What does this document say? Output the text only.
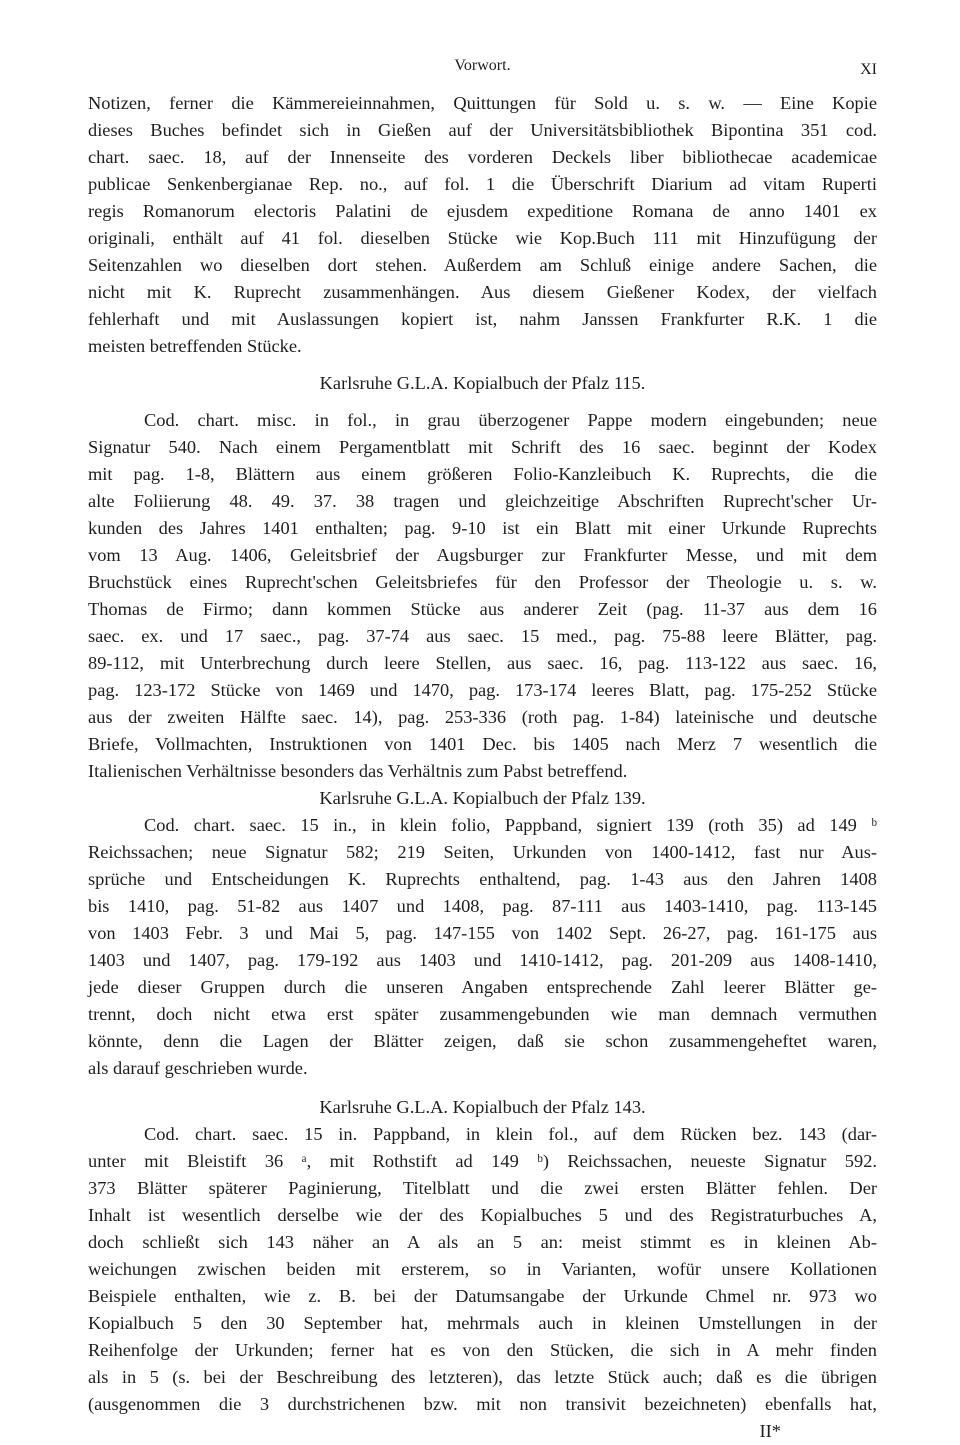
Vorwort.	XI
Notizen, ferner die Kämmereieinnahmen, Quittungen für Sold u. s. w. — Eine Kopie
dieses Buches befindet sich in Gießen auf der Universitätsbibliothek Bipontina 351 cod.
chart. saec. 18, auf der Innenseite des vorderen Deckels liber bibliothecae academicae
publicae Senkenbergianae Rep. no., auf fol. 1 die Überschrift Diarium ad vitam Ruperti
regis Romanorum electoris Palatini de ejusdem expeditione Romana de anno 1401 ex
originali, enthält auf 41 fol. dieselben Stücke wie Kop.Buch 111 mit Hinzufügung der
Seitenzahlen wo dieselben dort stehen. Außerdem am Schluß einige andere Sachen, die
nicht mit K. Ruprecht zusammenhängen. Aus diesem Gießener Kodex, der vielfach
fehlerhaft und mit Auslassungen kopiert ist, nahm Janssen Frankfurter R.K. 1 die
meisten betreffenden Stücke.
Karlsruhe G.L.A. Kopialbuch der Pfalz 115.
Cod. chart. misc. in fol., in grau überzogener Pappe modern eingebunden; neue
Signatur 540. Nach einem Pergamentblatt mit Schrift des 16 saec. beginnt der Kodex
mit pag. 1-8, Blättern aus einem größeren Folio-Kanzleibuch K. Ruprechts, die die
alte Foliierung 48. 49. 37. 38 tragen und gleichzeitige Abschriften Ruprecht'scher Ur-
kunden des Jahres 1401 enthalten; pag. 9-10 ist ein Blatt mit einer Urkunde Ruprechts
vom 13 Aug. 1406, Geleitsbrief der Augsburger zur Frankfurter Messe, und mit dem
Bruchstück eines Ruprecht'schen Geleitsbriefes für den Professor der Theologie u. s. w.
Thomas de Firmo; dann kommen Stücke aus anderer Zeit (pag. 11-37 aus dem 16
saec. ex. und 17 saec., pag. 37-74 aus saec. 15 med., pag. 75-88 leere Blätter, pag.
89-112, mit Unterbrechung durch leere Stellen, aus saec. 16, pag. 113-122 aus saec. 16,
pag. 123-172 Stücke von 1469 und 1470, pag. 173-174 leeres Blatt, pag. 175-252 Stücke
aus der zweiten Hälfte saec. 14), pag. 253-336 (roth pag. 1-84) lateinische und deutsche
Briefe, Vollmachten, Instruktionen von 1401 Dec. bis 1405 nach Merz 7 wesentlich die
Italienischen Verhältnisse besonders das Verhältnis zum Pabst betreffend.
Karlsruhe G.L.A. Kopialbuch der Pfalz 139.
Cod. chart. saec. 15 in., in klein folio, Pappband, signiert 139 (roth 35) ad 149 ᵇ
Reichssachen; neue Signatur 582; 219 Seiten, Urkunden von 1400-1412, fast nur Aus-
sprüche und Entscheidungen K. Ruprechts enthaltend, pag. 1-43 aus den Jahren 1408
bis 1410, pag. 51-82 aus 1407 und 1408, pag. 87-111 aus 1403-1410, pag. 113-145
von 1403 Febr. 3 und Mai 5, pag. 147-155 von 1402 Sept. 26-27, pag. 161-175 aus
1403 und 1407, pag. 179-192 aus 1403 und 1410-1412, pag. 201-209 aus 1408-1410,
jede dieser Gruppen durch die unseren Angaben entsprechende Zahl leerer Blätter ge-
trennt, doch nicht etwa erst später zusammengebunden wie man demnach vermuthen
könnte, denn die Lagen der Blätter zeigen, daß sie schon zusammengeheftet waren,
als darauf geschrieben wurde.
Karlsruhe G.L.A. Kopialbuch der Pfalz 143.
Cod. chart. saec. 15 in. Pappband, in klein fol., auf dem Rücken bez. 143 (dar-
unter mit Bleistift 36 ᵃ, mit Rothstift ad 149 ᵇ) Reichssachen, neueste Signatur 592.
373 Blätter späterer Paginierung, Titelblatt und die zwei ersten Blätter fehlen. Der
Inhalt ist wesentlich derselbe wie der des Kopialbuches 5 und des Registraturbuches A,
doch schließt sich 143 näher an A als an 5 an: meist stimmt es in kleinen Ab-
weichungen zwischen beiden mit ersterem, so in Varianten, wofür unsere Kollationen
Beispiele enthalten, wie z. B. bei der Datumsangabe der Urkunde Chmel nr. 973 wo
Kopialbuch 5 den 30 September hat, mehrmals auch in kleinen Umstellungen in der
Reihenfolge der Urkunden; ferner hat es von den Stücken, die sich in A mehr finden
als in 5 (s. bei der Beschreibung des letzteren), das letzte Stück auch; daß es die übrigen
(ausgenommen die 3 durchstrichenen bzw. mit non transivit bezeichneten) ebenfalls hat,
II*
